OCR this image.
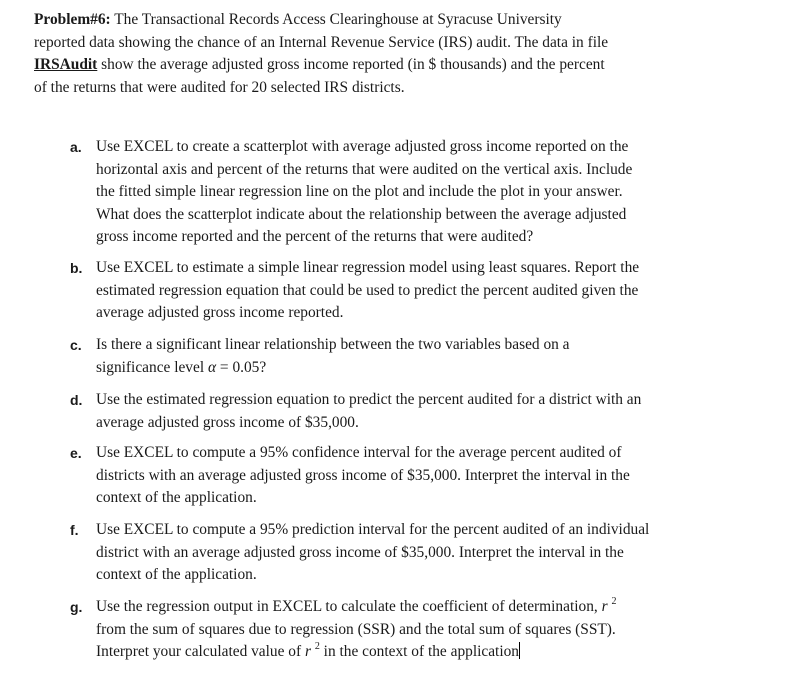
Problem#6: The Transactional Records Access Clearinghouse at Syracuse University
reported data showing the chance of an Internal Revenue Service (IRS) audit. The data in file
IRSAudit show the average adjusted gross income reported (in $ thousands) and the percent
of the returns that were audited for 20 selected IRS districts.
a. Use EXCEL to create a scatterplot with average adjusted gross income reported on the
horizontal axis and percent of the returns that were audited on the vertical axis. Include
the fitted simple linear regression line on the plot and include the plot in your answer.
What does the scatterplot indicate about the relationship between the average adjusted
gross income reported and the percent of the returns that were audited?
b. Use EXCEL to estimate a simple linear regression model using least squares. Report the
estimated regression equation that could be used to predict the percent audited given the
average adjusted gross income reported.
c. Is there a significant linear relationship between the two variables based on a
significance level α = 0.05?
d. Use the estimated regression equation to predict the percent audited for a district with an
average adjusted gross income of $35,000.
e. Use EXCEL to compute a 95% confidence interval for the average percent audited of
districts with an average adjusted gross income of $35,000. Interpret the interval in the
context of the application.
f.	Use EXCEL to compute a 95% prediction interval for the percent audited of an individual
district with an average adjusted gross income of $35,000. Interpret the interval in the
context of the application.
g. Use the regression output in EXCEL to calculate the coefficient of determination, r $^2$
from the sum of squares due to regression (SSR) and the total sum of squares (SST).
Interpret your calculated value of r $^2$ in the context of the application
